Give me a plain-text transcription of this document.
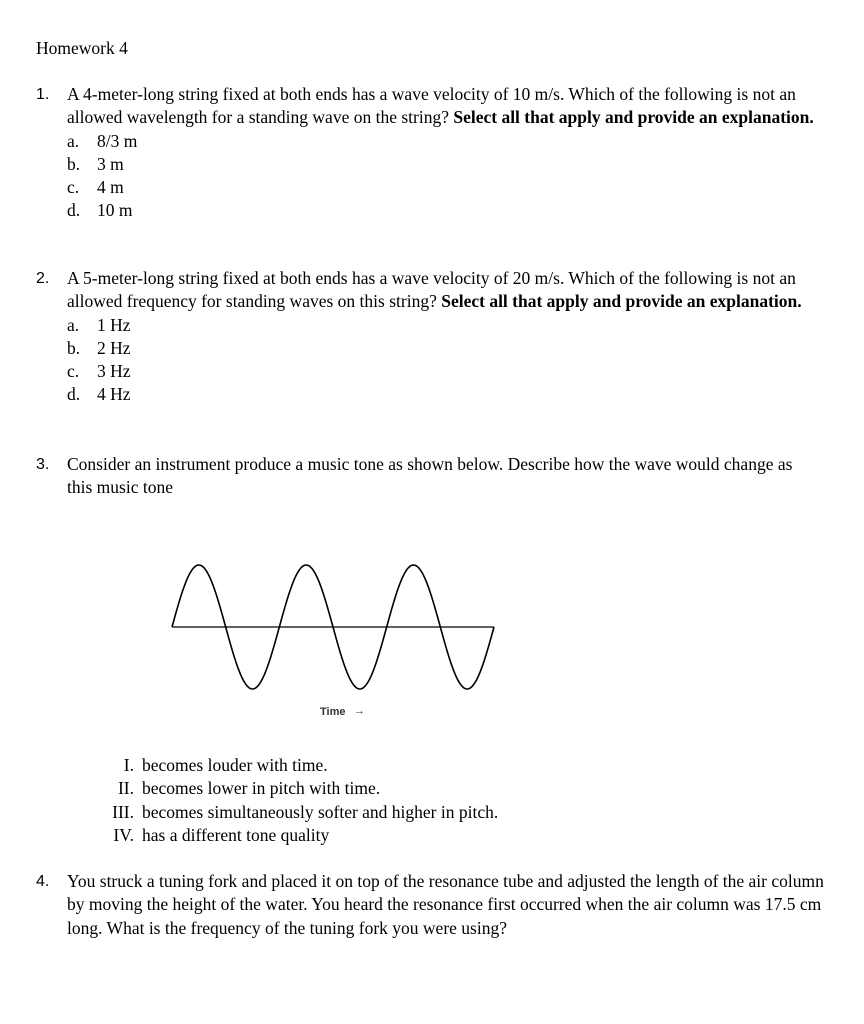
Homework 4
1. A 4-meter-long string fixed at both ends has a wave velocity of 10 m/s. Which of the following is not an allowed wavelength for a standing wave on the string? Select all that apply and provide an explanation.
a.	8/3 m
b. 3 m
c.	4 m
d. 10 m
2. A 5-meter-long string fixed at both ends has a wave velocity of 20 m/s. Which of the following is not an allowed frequency for standing waves on this string? Select all that apply and provide an explanation.
a.	1 Hz
b. 2 Hz
c.	3 Hz
d. 4 Hz
3. Consider an instrument produce a music tone as shown below. Describe how the wave would change as this music tone
Time →
I. becomes louder with time.
II. becomes lower in pitch with time.
III. becomes simultaneously softer and higher in pitch.
IV. has a different tone quality
4. You struck a tuning fork and placed it on top of the resonance tube and adjusted the length of the air column by moving the height of the water. You heard the resonance first occurred when the air column was 17.5 cm long. What is the frequency of the tuning fork you were using?
